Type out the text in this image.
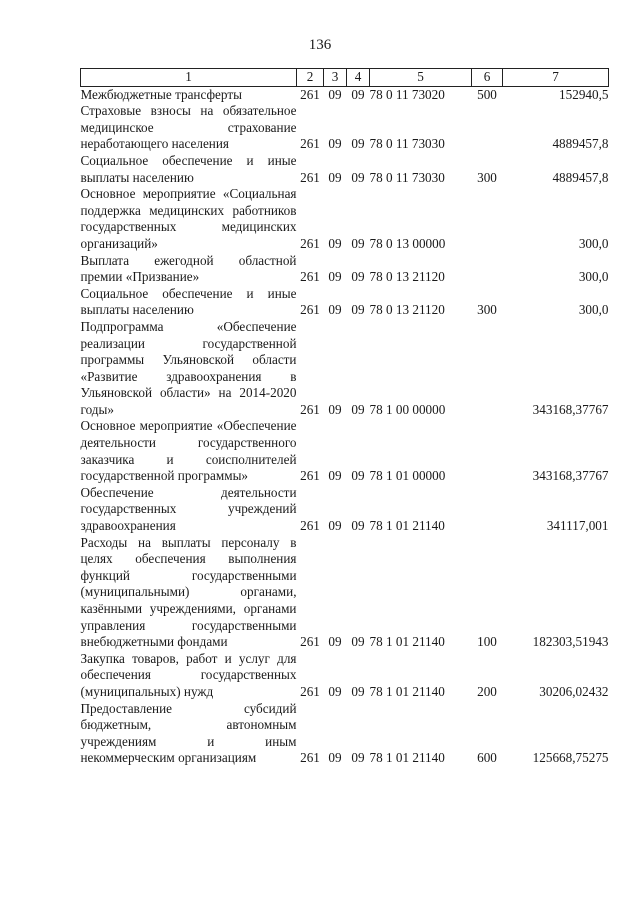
136
1	2	3	4	5	6	7
Межбюджетные трансферты	261	09	09	78 0 11 73020	500	152940,5
Страховые взносы на обязательное медицинское страхование неработающего населения	261	09	09	78 0 11 73030		4889457,8
Социальное обеспечение и иные выплаты населению	261	09	09	78 0 11 73030	300	4889457,8
Основное мероприятие «Социальная поддержка медицинских работников государственных медицинских организаций»	261	09	09	78 0 13 00000		300,0
Выплата ежегодной областной премии «Призвание»	261	09	09	78 0 13 21120		300,0
Социальное обеспечение и иные выплаты населению	261	09	09	78 0 13 21120	300	300,0
Подпрограмма «Обеспечение реализации государственной программы Ульяновской области «Развитие здравоохранения в Ульяновской области» на 2014-2020 годы»	261	09	09	78 1 00 00000		343168,37767
Основное мероприятие «Обеспечение деятельности государственного заказчика и соисполнителей государственной программы»	261	09	09	78 1 01 00000		343168,37767
Обеспечение деятельности государственных учреждений здравоохранения	261	09	09	78 1 01 21140		341117,001
Расходы на выплаты персоналу в целях обеспечения выполнения функций государственными (муниципальными) органами, казёнными учреждениями, органами управления государственными внебюджетными фондами	261	09	09	78 1 01 21140	100	182303,51943
Закупка товаров, работ и услуг для обеспечения государственных (муниципальных) нужд	261	09	09	78 1 01 21140	200	30206,02432
Предоставление субсидий бюджетным, автономным учреждениям и иным некоммерческим организациям	261	09	09	78 1 01 21140	600	125668,75275
